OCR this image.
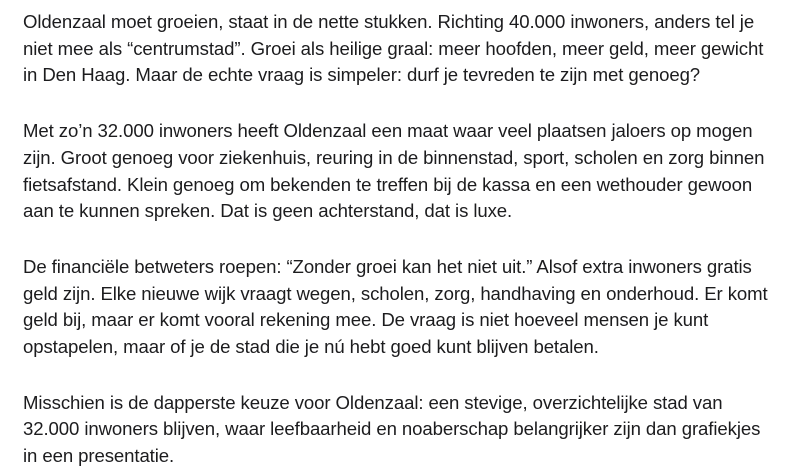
Oldenzaal moet groeien, staat in de nette stukken. Richting 40.000 inwoners, anders tel je
niet mee als “centrumstad”. Groei als heilige graal: meer hoofden, meer geld, meer gewicht
in Den Haag. Maar de echte vraag is simpeler: durf je tevreden te zijn met genoeg?

Met zo’n 32.000 inwoners heeft Oldenzaal een maat waar veel plaatsen jaloers op mogen
zijn. Groot genoeg voor ziekenhuis, reuring in de binnenstad, sport, scholen en zorg binnen
fietsafstand. Klein genoeg om bekenden te treffen bij de kassa en een wethouder gewoon
aan te kunnen spreken. Dat is geen achterstand, dat is luxe.

De financiële betweters roepen: “Zonder groei kan het niet uit.” Alsof extra inwoners gratis
geld zijn. Elke nieuwe wijk vraagt wegen, scholen, zorg, handhaving en onderhoud. Er komt
geld bij, maar er komt vooral rekening mee. De vraag is niet hoeveel mensen je kunt
opstapelen, maar of je de stad die je nú hebt goed kunt blijven betalen.

Misschien is de dapperste keuze voor Oldenzaal: een stevige, overzichtelijke stad van
32.000 inwoners blijven, waar leefbaarheid en noaberschap belangrijker zijn dan grafiekjes
in een presentatie.
